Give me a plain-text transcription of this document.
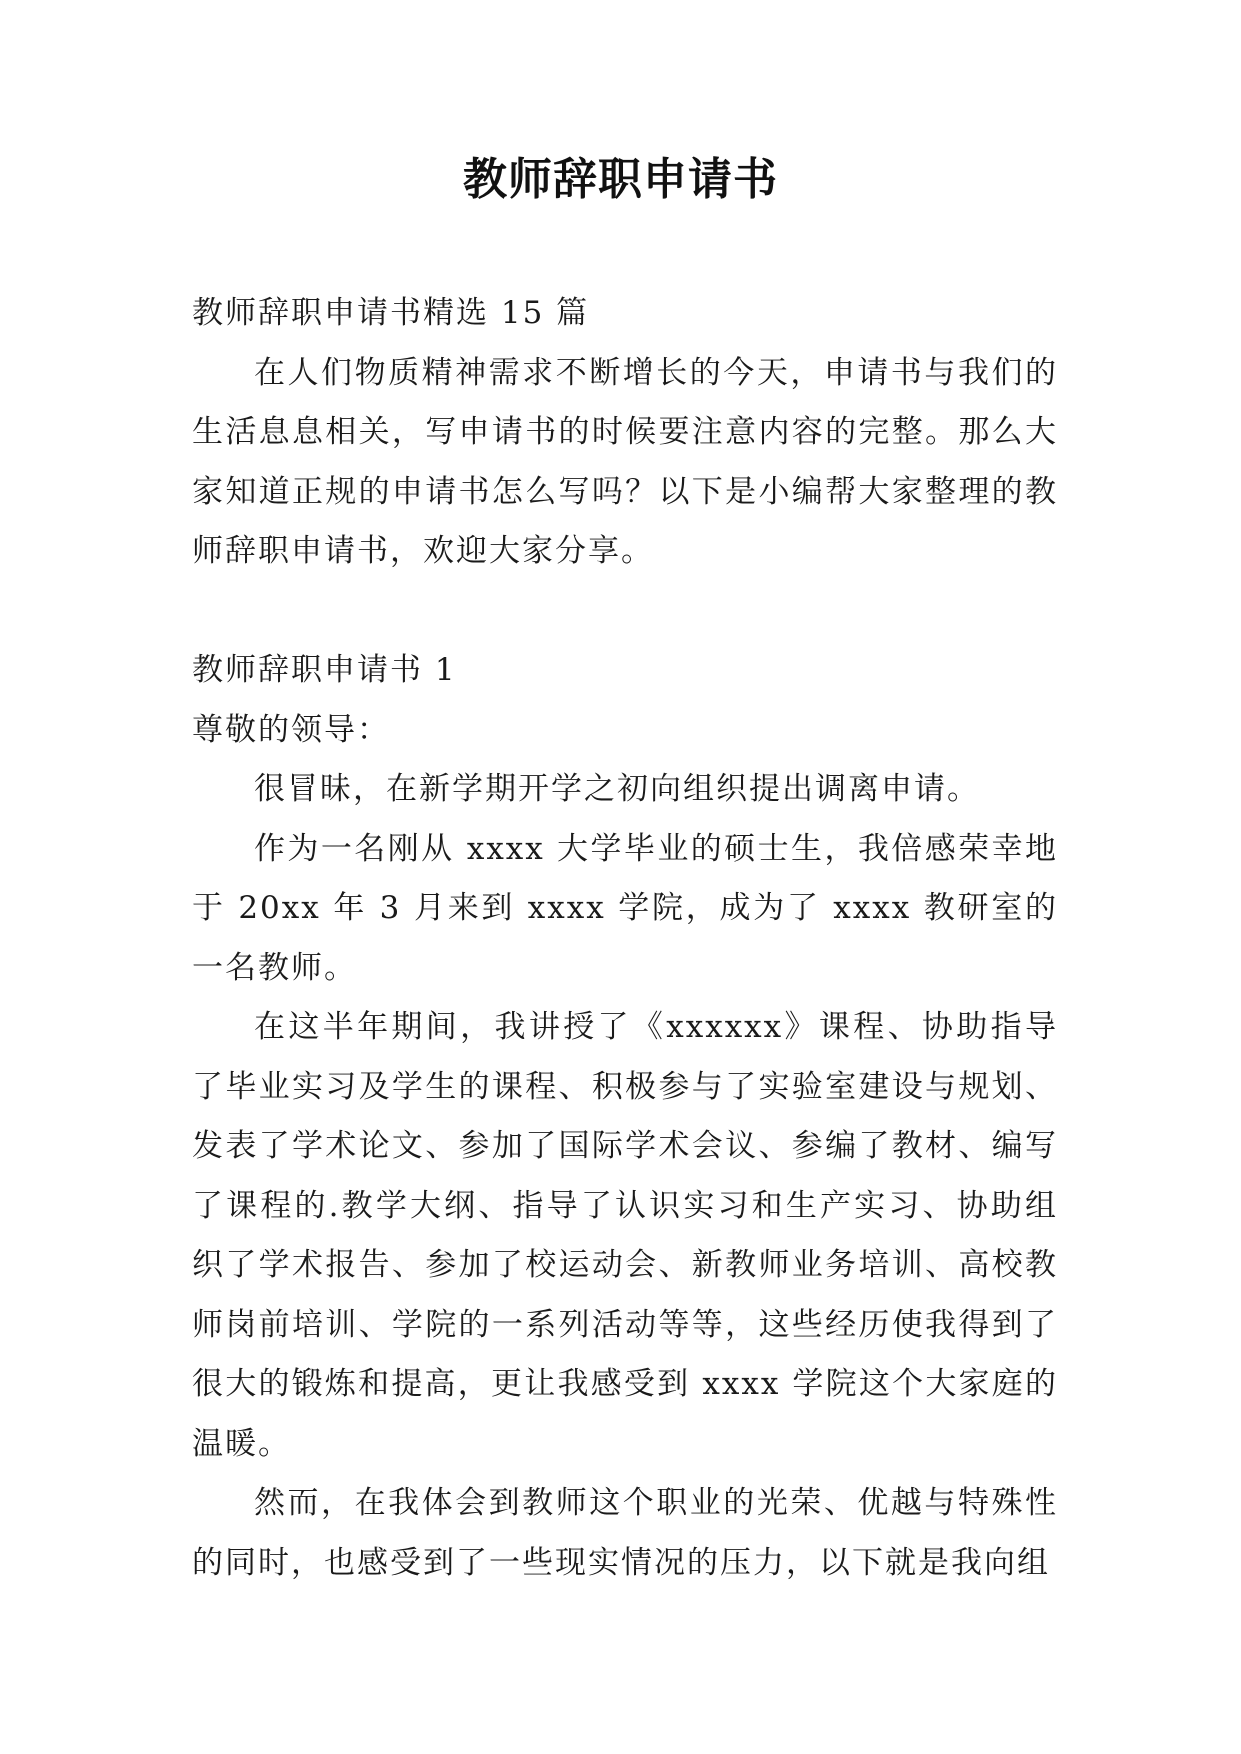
教师辞职申请书

教师辞职申请书精选 15 篇

在人们物质精神需求不断增长的今天，申请书与我们的生活息息相关，写申请书的时候要注意内容的完整。那么大家知道正规的申请书怎么写吗？以下是小编帮大家整理的教师辞职申请书，欢迎大家分享。

教师辞职申请书 1

尊敬的领导：

很冒昧，在新学期开学之初向组织提出调离申请。

作为一名刚从 xxxx 大学毕业的硕士生，我倍感荣幸地于 20xx 年 3 月来到 xxxx 学院，成为了 xxxx 教研室的一名教师。

在这半年期间，我讲授了《xxxxxx》课程、协助指导了毕业实习及学生的课程、积极参与了实验室建设与规划、发表了学术论文、参加了国际学术会议、参编了教材、编写了课程的.教学大纲、指导了认识实习和生产实习、协助组织了学术报告、参加了校运动会、新教师业务培训、高校教师岗前培训、学院的一系列活动等等，这些经历使我得到了很大的锻炼和提高，更让我感受到 xxxx 学院这个大家庭的温暖。

然而，在我体会到教师这个职业的光荣、优越与特殊性的同时，也感受到了一些现实情况的压力，以下就是我向组
